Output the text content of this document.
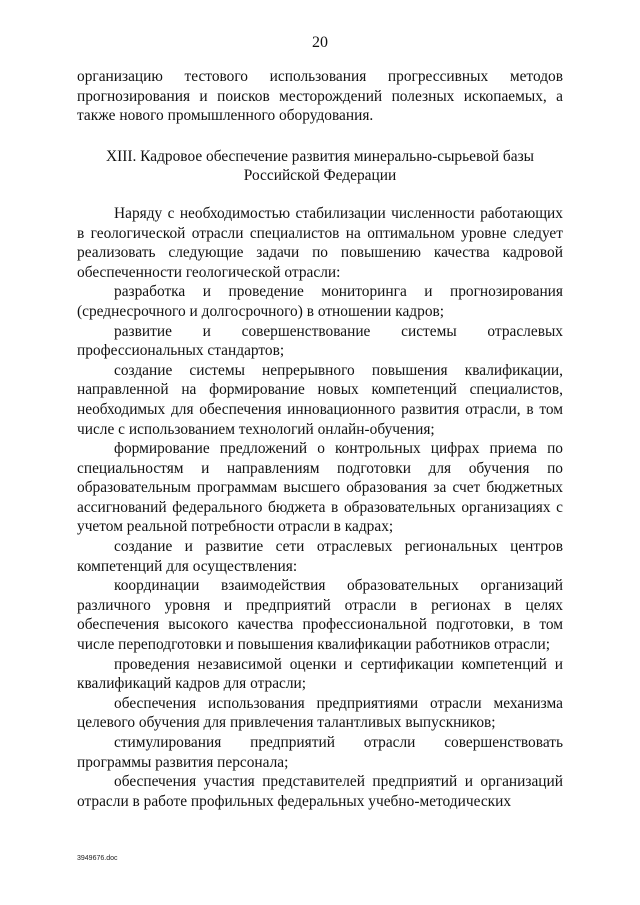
20

организацию тестового использования прогрессивных методов прогнозирования и поисков месторождений полезных ископаемых, а также нового промышленного оборудования.

XIII. Кадровое обеспечение развития минерально-сырьевой базы
Российской Федерации

Наряду с необходимостью стабилизации численности работающих в геологической отрасли специалистов на оптимальном уровне следует реализовать следующие задачи по повышению качества кадровой обеспеченности геологической отрасли:

разработка и проведение мониторинга и прогнозирования (среднесрочного и долгосрочного) в отношении кадров;

развитие и совершенствование системы отраслевых профессиональных стандартов;

создание системы непрерывного повышения квалификации, направленной на формирование новых компетенций специалистов, необходимых для обеспечения инновационного развития отрасли, в том числе с использованием технологий онлайн-обучения;

формирование предложений о контрольных цифрах приема по специальностям и направлениям подготовки для обучения по образовательным программам высшего образования за счет бюджетных ассигнований федерального бюджета в образовательных организациях с учетом реальной потребности отрасли в кадрах;

создание и развитие сети отраслевых региональных центров компетенций для осуществления:

координации взаимодействия образовательных организаций различного уровня и предприятий отрасли в регионах в целях обеспечения высокого качества профессиональной подготовки, в том числе переподготовки и повышения квалификации работников отрасли;

проведения независимой оценки и сертификации компетенций и квалификаций кадров для отрасли;

обеспечения использования предприятиями отрасли механизма целевого обучения для привлечения талантливых выпускников;

стимулирования предприятий отрасли совершенствовать программы развития персонала;

обеспечения участия представителей предприятий и организаций отрасли в работе профильных федеральных учебно-методических

3949676.doc
